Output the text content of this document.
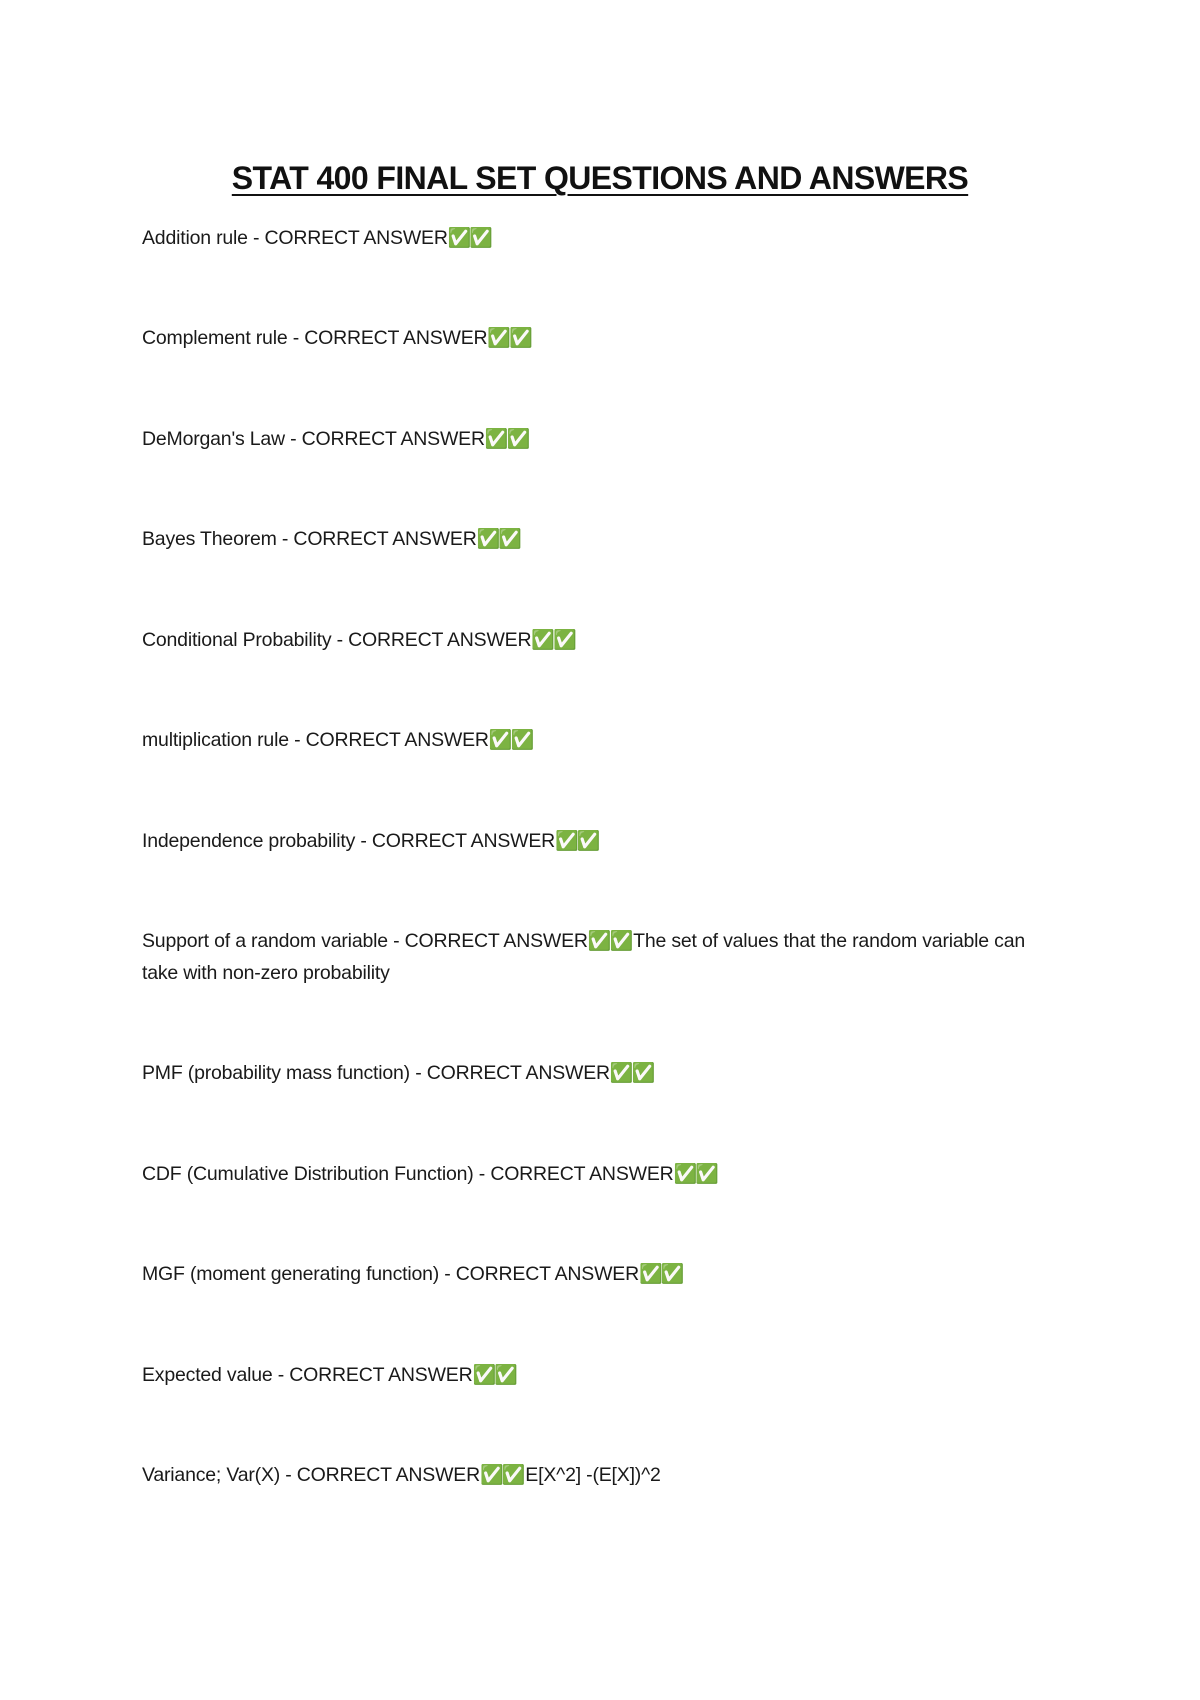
STAT 400 FINAL SET QUESTIONS AND ANSWERS
Addition rule - CORRECT ANSWER✅✅
Complement rule - CORRECT ANSWER✅✅
DeMorgan's Law - CORRECT ANSWER✅✅
Bayes Theorem - CORRECT ANSWER✅✅
Conditional Probability - CORRECT ANSWER✅✅
multiplication rule - CORRECT ANSWER✅✅
Independence probability - CORRECT ANSWER✅✅
Support of a random variable - CORRECT ANSWER✅✅ The set of values that the random variable can take with non-zero probability
PMF (probability mass function) - CORRECT ANSWER✅✅
CDF (Cumulative Distribution Function) - CORRECT ANSWER✅✅
MGF (moment generating function) - CORRECT ANSWER✅✅
Expected value - CORRECT ANSWER✅✅
Variance; Var(X) - CORRECT ANSWER✅✅ E[X^2] -(E[X])^2
